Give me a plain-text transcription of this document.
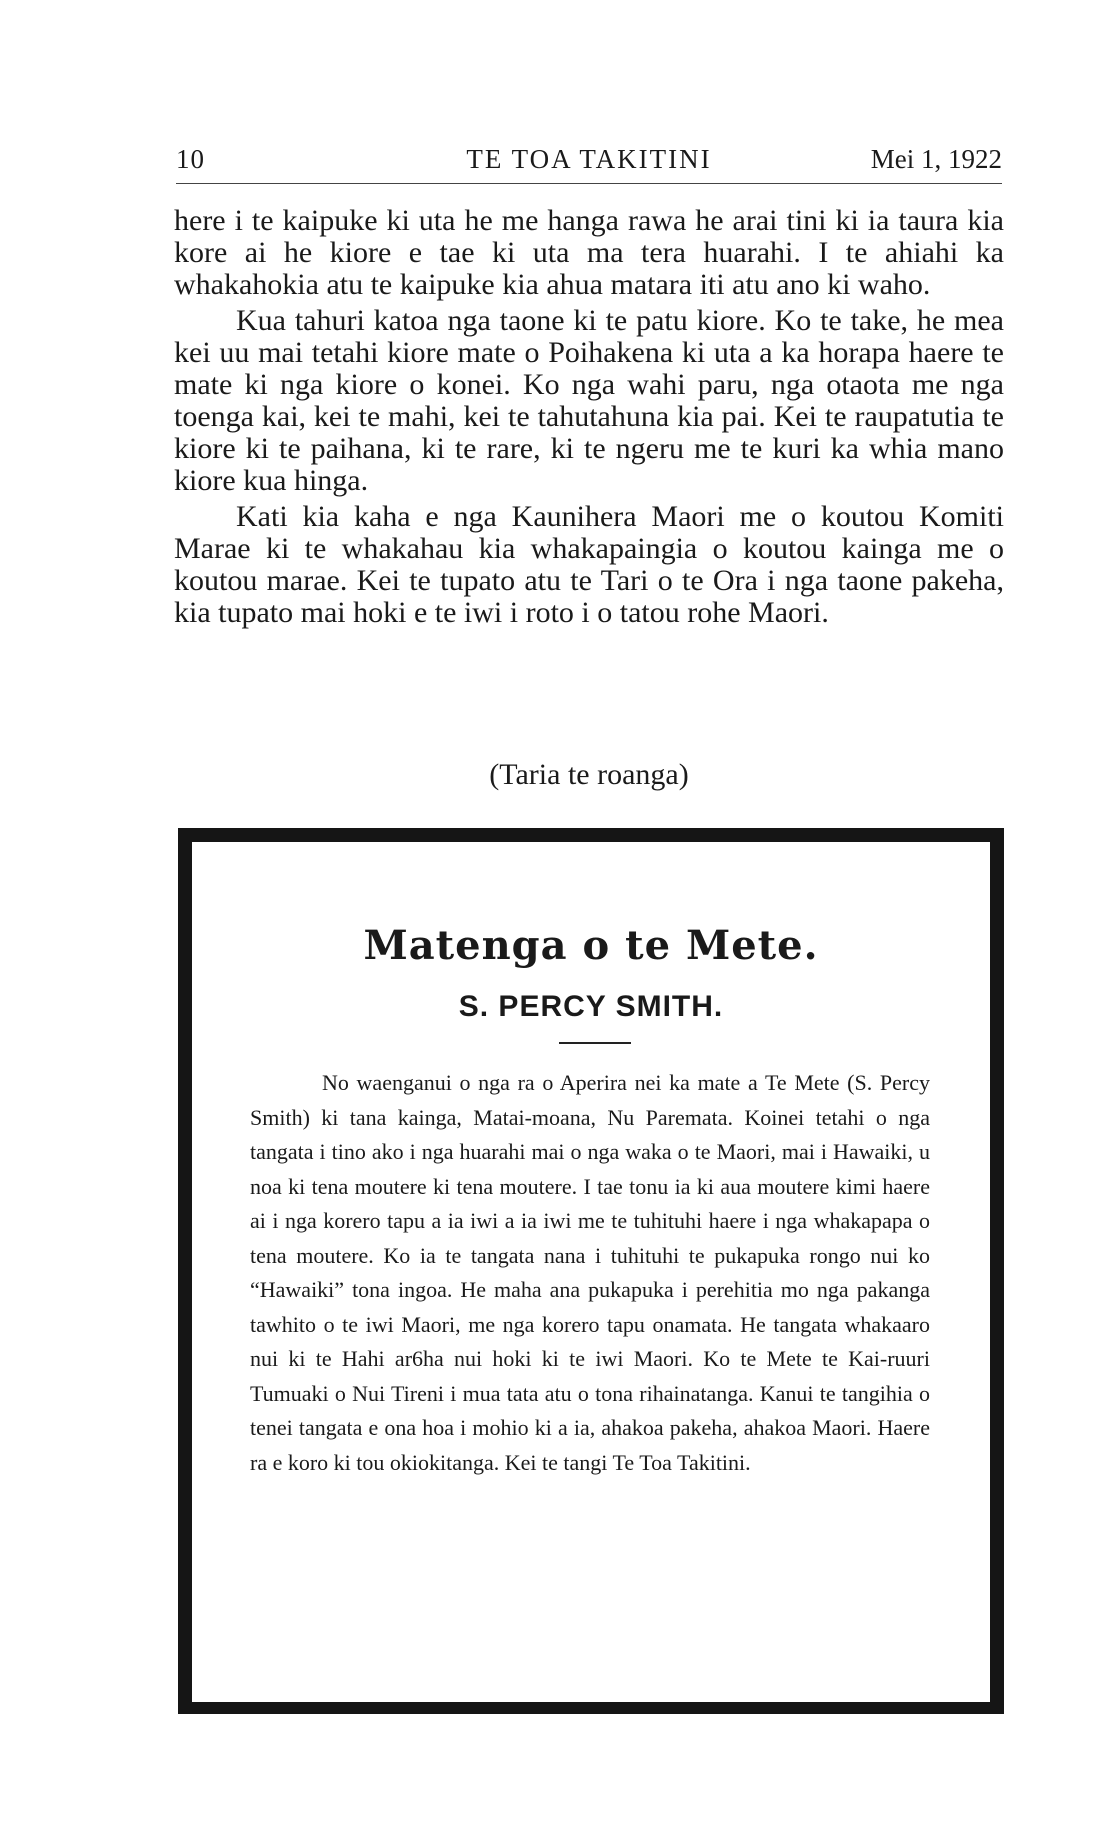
TE TOA TAKITINI
10	Mei 1, 1922

here i te kaipuke ki uta he me hanga rawa he arai tini ki ia taura kia kore ai he kiore e tae ki uta ma tera huarahi. I te ahiahi ka whakahokia atu te kaipuke kia ahua matara iti atu ano ki waho.

Kua tahuri katoa nga taone ki te patu kiore. Ko te take, he mea kei uu mai tetahi kiore mate o Poihakena ki uta a ka horapa haere te mate ki nga kiore o konei. Ko nga wahi paru, nga otaota me nga toenga kai, kei te mahi, kei te tahutahuna kia pai. Kei te raupatutia te kiore ki te paihana, ki te rare, ki te ngeru me te kuri ka whia mano kiore kua hinga.

Kati kia kaha e nga Kaunihera Maori me o koutou Komiti Marae ki te whakahau kia whakapaingia o koutou kainga me o koutou marae. Kei te tupato atu te Tari o te Ora i nga taone pakeha, kia tupato mai hoki e te iwi i roto i o tatou rohe Maori.

(Taria te roanga)
Matenga o te Mete.
S. PERCY SMITH.
No waenganui o nga ra o Aperira nei ka mate a Te Mete (S. Percy Smith) ki tana kainga, Matai-moana, Nu Parematа. Koinei tetahi o nga tangata i tino ako i nga huarahi mai o nga waka o te Maori, mai i Hawaiki, u noa ki tena moutere ki tena moutere. I tae tonu ia ki aua moutere kimi haere ai i nga korero tapu a ia iwi a ia iwi me te tuhituhi haere i nga whakapapa o tena moutere. Ko ia te tangata nana i tuhituhi te pukapuka rongo nui ko “Hawaiki” tona ingoa. He maha ana pukapuka i perehitia mo nga pakanga tawhito o te iwi Maori, me nga korero tapu onamata. He tangata whakaaro nui ki te Hahi ar6ha nui hoki ki te iwi Maori. Ko te Mete te Kai-ruuri Tumuaki o Nui Tireni i mua tata atu o tona rihainatanga. Kanui te tangihia o tenei tangata e ona hoa i mohio ki a ia, ahakoa pakeha, ahakoa Maori. Haere ra e koro ki tou okiokitanga. Kei te tangi Te Toa Takitini.
